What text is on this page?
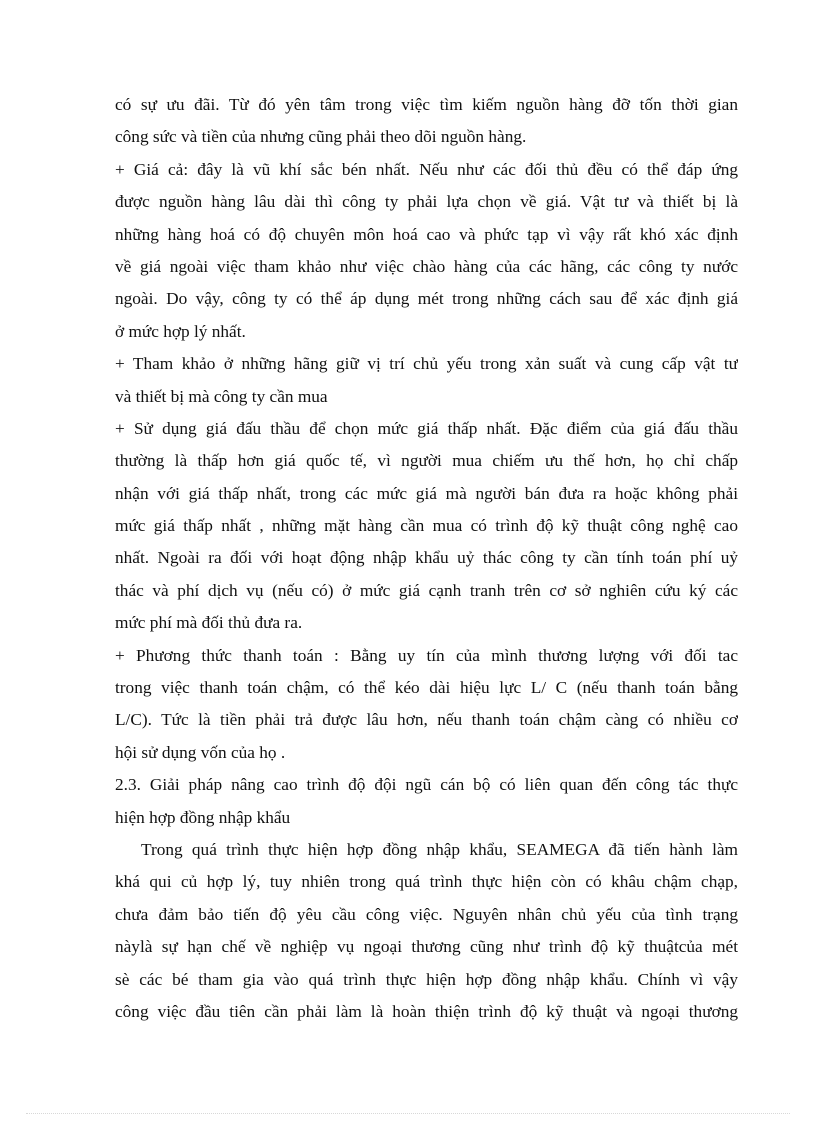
có sự ưu đãi. Từ đó yên tâm trong việc tìm kiếm nguồn hàng đỡ tốn thời gian
công sức và tiền của nhưng cũng phải theo dõi nguồn hàng.
+ Giá cả: đây là vũ khí sắc bén nhất. Nếu như các đối thủ đều có thể đáp ứng
được nguồn hàng lâu dài thì công ty phải lựa chọn về giá. Vật tư và thiết bị là
những hàng hoá có độ chuyên môn hoá cao và phức tạp vì vậy rất khó xác định
về giá ngoài việc tham khảo như việc chào hàng của các hãng, các công ty nước
ngoài. Do vậy, công ty có thể áp dụng mét trong những cách sau để xác định giá
ở mức hợp lý nhất.
+ Tham khảo ở những hãng giữ vị trí chủ yếu trong xản suất và cung cấp vật tư
và thiết bị mà công ty cần mua
+ Sử dụng giá đấu thầu để chọn mức giá thấp nhất. Đặc điểm của giá đấu thầu
thường là thấp hơn giá quốc tế, vì người mua chiếm ưu thế hơn, họ chỉ chấp
nhận với giá thấp nhất, trong các mức giá mà người bán đưa ra hoặc không phải
mức giá thấp nhất , những mặt hàng cần mua có trình độ kỹ thuật công nghệ cao
nhất. Ngoài ra đối với hoạt động nhập khẩu uỷ thác công ty cần tính toán phí uỷ
thác và phí dịch vụ (nếu có) ở mức giá cạnh tranh trên cơ sở nghiên cứu ký các
mức phí mà đối thủ đưa ra.
+ Phương thức thanh toán : Bằng uy tín của mình thương lượng với đối tac
trong việc thanh toán chậm, có thể kéo dài hiệu lực L/ C (nếu thanh toán bằng
L/C). Tức là tiền phải trả được lâu hơn, nếu thanh toán chậm càng có nhiều cơ
hội sử dụng vốn của họ .
2.3. Giải pháp nâng cao trình độ đội ngũ cán bộ có liên quan đến công tác thực
hiện hợp đồng nhập khẩu
Trong quá trình thực hiện hợp đồng nhập khẩu, SEAMEGA đã tiến hành làm
khá qui củ hợp lý, tuy nhiên trong quá trình thực hiện còn có khâu chậm chạp,
chưa đảm bảo tiến độ yêu cầu công việc. Nguyên nhân chủ yếu của tình trạng
nàylà sự hạn chế về nghiệp vụ ngoại thương cũng như trình độ kỹ thuậtcủa mét
sè các bé tham gia vào quá trình thực hiện hợp đồng nhập khẩu. Chính vì vậy
công việc đầu tiên cần phải làm là hoàn thiện trình độ kỹ thuật và ngoại thương
